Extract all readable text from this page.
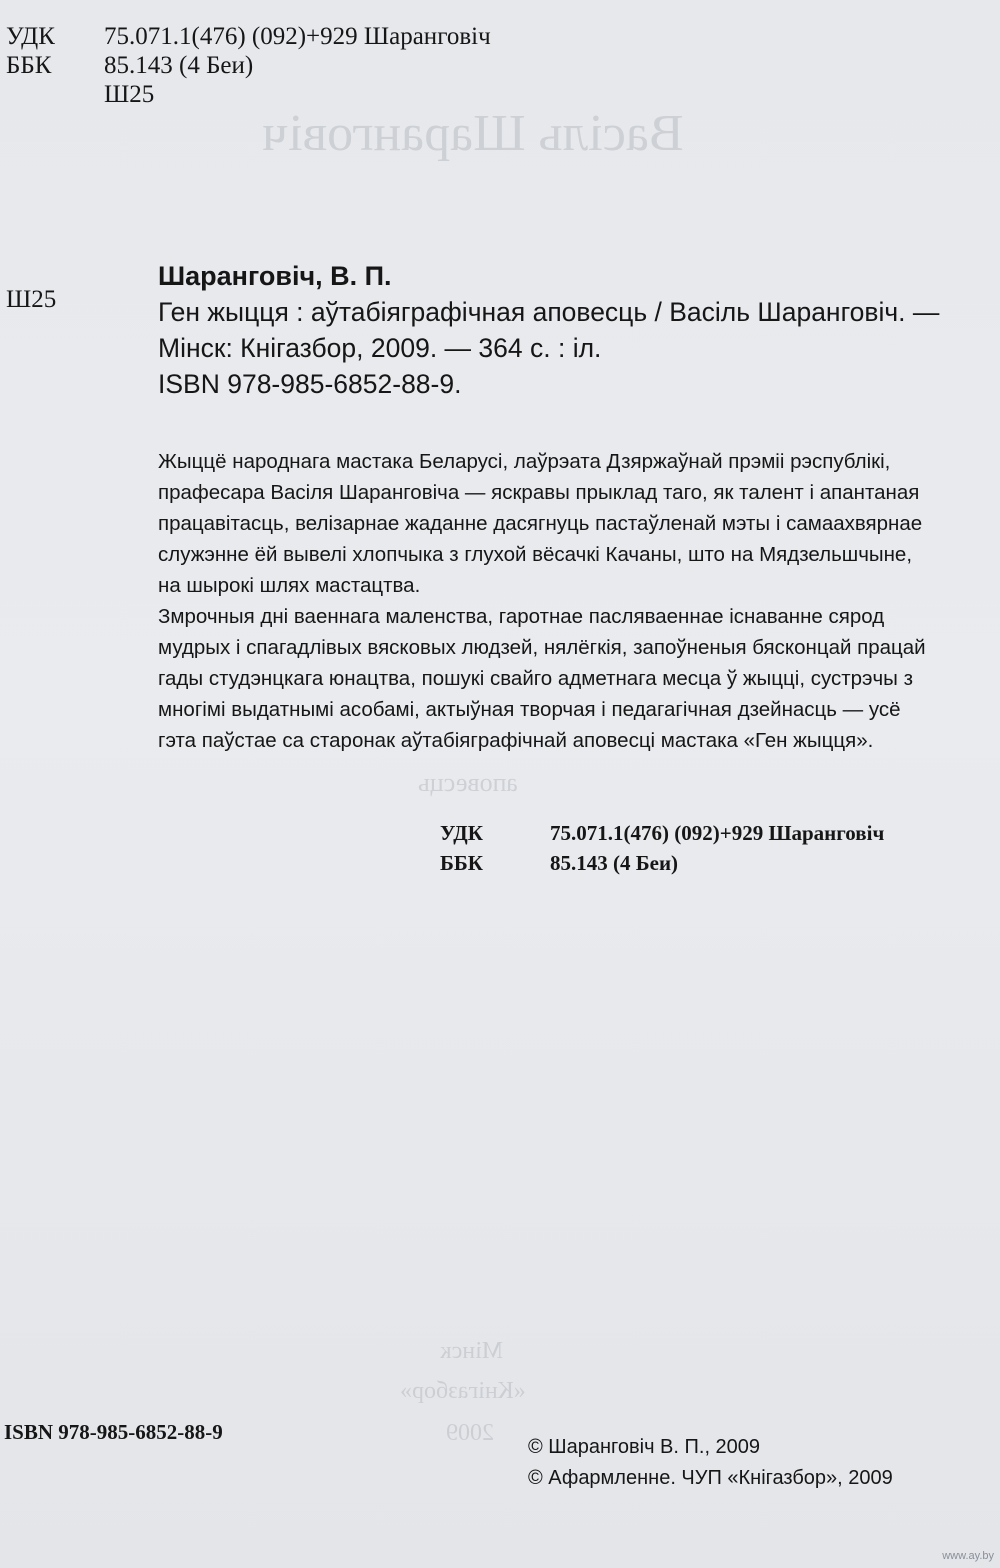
Васіль Шаранговіч
аповесць
Мінск
«Кнігазбор»
2009
УДК	75.071.1(476) (092)+929 Шаранговіч
ББК	85.143 (4 Беи)
Ш25
Ш25
Шаранговіч, В. П.
Ген жыцця : аўтабіяграфічная аповесць / Васіль Шаранговіч. —
Мінск: Кнігазбор, 2009. — 364 с. : іл.
ISBN 978-985-6852-88-9.

Жыццё народнага мастака Беларусі, лаўрэата Дзяржаўнай прэміі рэспублікі,

прафесара Васіля Шаранговіча — яскравы прыклад таго, як талент і апантаная

працавітасць, велізарнае жаданне дасягнуць пастаўленай мэты і самаахвярнае

служэнне ёй вывелі хлопчыка з глухой вёсачкі Качаны, што на Мядзельшчыне,

на шырокі шлях мастацтва.

Змрочныя дні ваеннага маленства, гаротнае пасляваеннае існаванне сярод

мудрых і спагадлівых вясковых людзей, нялёгкія, запоўненыя бясконцай працай

гады студэнцкага юнацтва, пошукі свайго адметнага месца ў жыцці, сустрэчы з

многімі выдатнымі асобамі, актыўная творчая і педагагічная дзейнасць — усё

гэта паўстае са старонак аўтабіяграфічнай аповесці мастака «Ген жыцця».

УДК	75.071.1(476) (092)+929 Шаранговіч
ББК	85.143 (4 Беи)
ISBN 978-985-6852-88-9
© Шаранговіч В. П., 2009
© Афармленне. ЧУП «Кнігазбор», 2009
www.ay.by
